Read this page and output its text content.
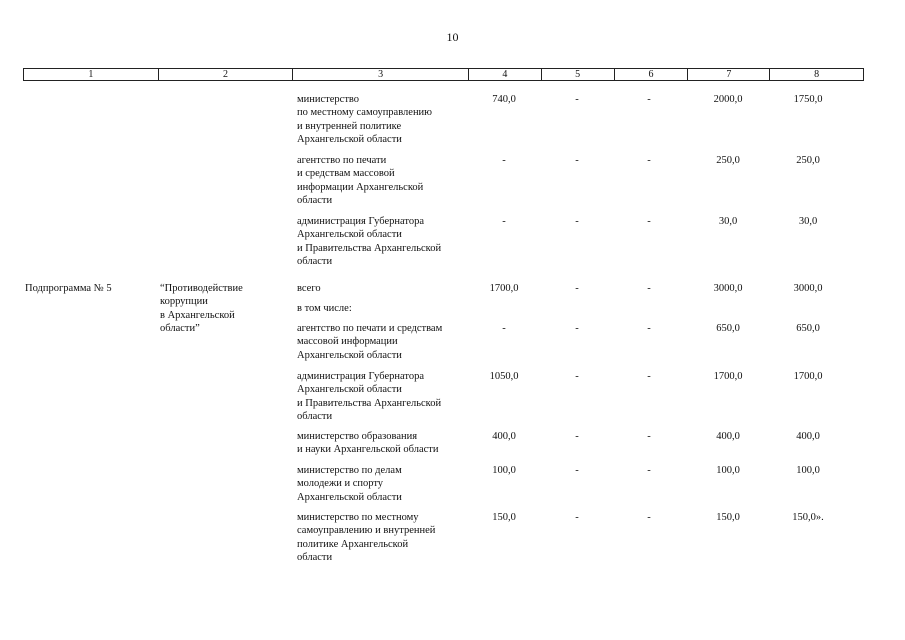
10
1	2	3	4	5	6	7	8
министерство
по местному самоуправлению
и внутренней политике
Архангельской области
740,0	-	-	2000,0	1750,0
агентство по печати
и средствам массовой
информации Архангельской
области
-	-	-	250,0	250,0
администрация Губернатора
Архангельской области
и Правительства Архангельской
области
-	-	-	30,0	30,0
Подпрограмма № 5	“Противодействие
коррупции
в Архангельской
области”
всего	1700,0	-	-	3000,0	3000,0
в том числе:
агентство по печати и средствам
массовой информации
Архангельской области
-	-	-	650,0	650,0
администрация Губернатора
Архангельской области
и Правительства Архангельской
области
1050,0	-	-	1700,0	1700,0
министерство образования
и науки Архангельской области
400,0	-	-	400,0	400,0
министерство по делам
молодежи и спорту
Архангельской области
100,0	-	-	100,0	100,0
министерство по местному
самоуправлению и внутренней
политике Архангельской
области
150,0	-	-	150,0	150,0».
